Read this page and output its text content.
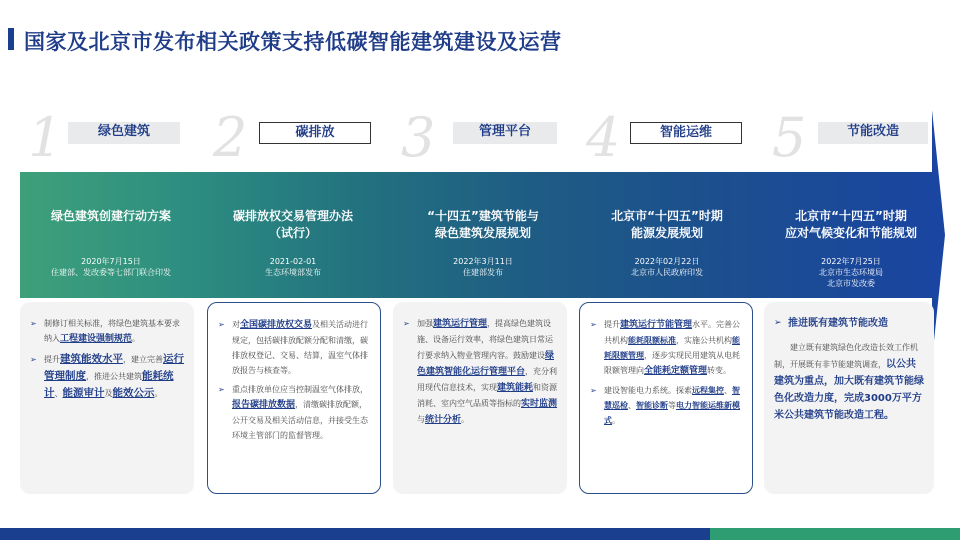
国家及北京市发布相关政策支持低碳智能建筑建设及运营
1	绿色建筑	2	碳排放	3	管理平台	4	智能运维	5	节能改造
绿色建筑创建行动方案
2020年7月15日
住建部、发改委等七部门联合印发
碳排放权交易管理办法
（试行）
2021-02-01
生态环境部发布
“十四五”建筑节能与
绿色建筑发展规划
2022年3月11日
住建部发布
北京市“十四五”时期
能源发展规划
2022年02月22日
北京市人民政府印发
北京市“十四五”时期
应对气候变化和节能规划
2022年7月25日
北京市生态环境局
北京市发改委
➢ 制修订相关标准，将绿色建筑基本要求纳入工程建设强制规范。
➢ 提升建筑能效水平，建立完善运行管理制度，推进公共建筑能耗统计、能源审计及能效公示。
➢ 对全国碳排放权交易及相关活动进行规定，包括碳排放配额分配和清缴，碳排放权登记、交易、结算，温室气体排放报告与核查等。
➢ 重点排放单位应当控制温室气体排放，报告碳排放数据，清缴碳排放配额，公开交易及相关活动信息，并接受生态环境主管部门的监督管理。
➢ 加强建筑运行管理，提高绿色建筑设施、设备运行效率，将绿色建筑日常运行要求纳入物业管理内容。鼓励建设绿色建筑智能化运行管理平台，充分利用现代信息技术，实现建筑能耗和资源消耗、室内空气品质等指标的实时监测与统计分析。
➢ 提升建筑运行节能管理水平。完善公共机构能耗限额标准，实施公共机构能耗限额管理，逐步实现民用建筑从电耗限额管理向全能耗定额管理转变。
➢ 建设智能电力系统。探索远程集控、智慧巡检、智能诊断等电力智能运维新模式。
➢ 推进既有建筑节能改造
建立既有建筑绿色化改造长效工作机制，开展既有非节能建筑调查，以公共建筑为重点，加大既有建筑节能绿色化改造力度，完成3000万平方米公共建筑节能改造工程。
